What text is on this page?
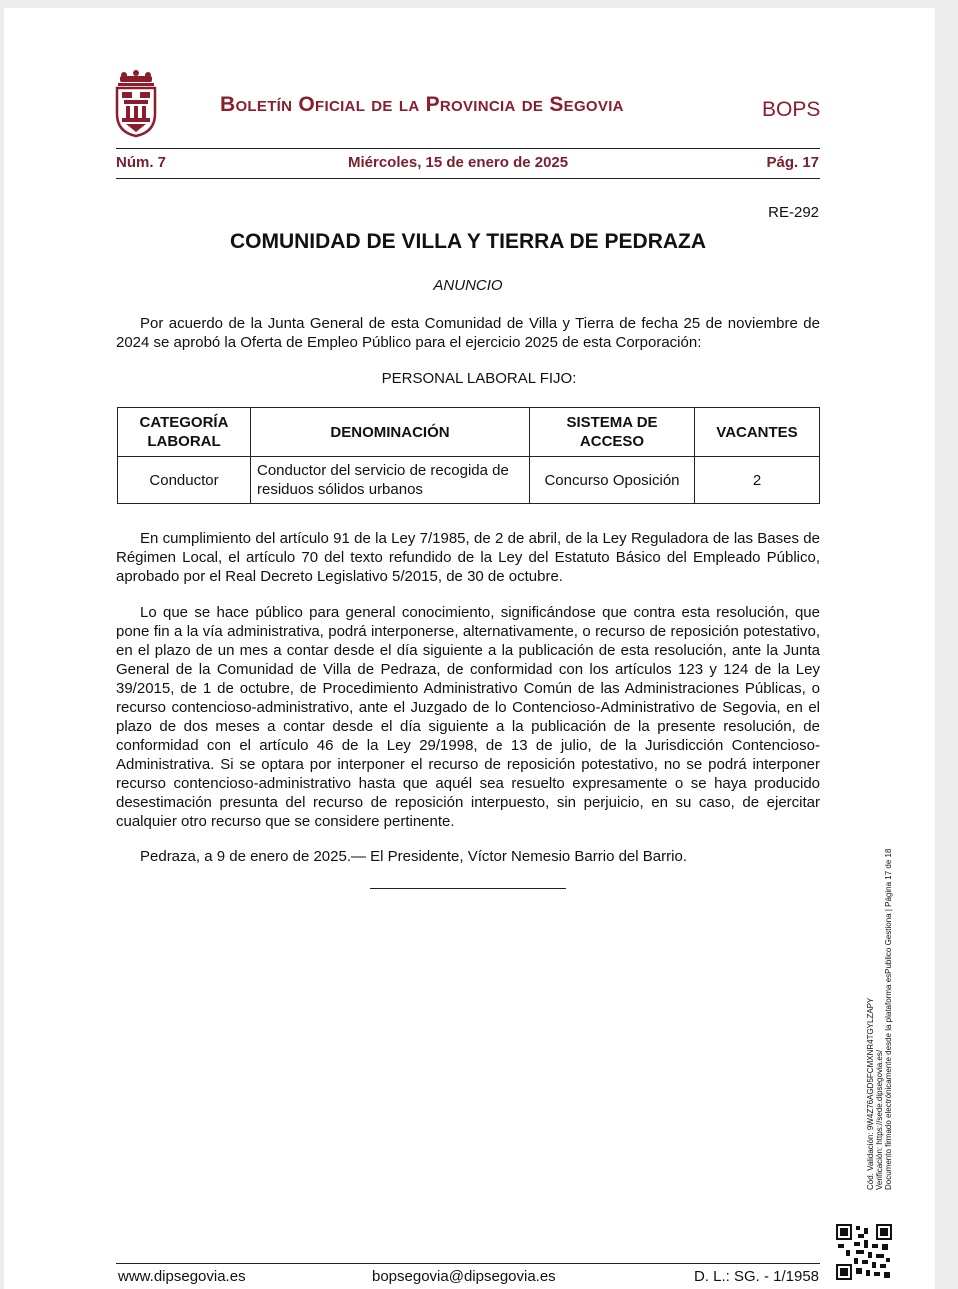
Boletín Oficial de la Provincia de Segovia	BOPS
Núm. 7	Miércoles, 15 de enero de 2025	Pág. 17
RE-292
COMUNIDAD DE VILLA Y TIERRA DE PEDRAZA
ANUNCIO
Por acuerdo de la Junta General de esta Comunidad de Villa y Tierra de fecha 25 de noviembre de 2024 se aprobó la Oferta de Empleo Público para el ejercicio 2025 de esta Corporación:
PERSONAL LABORAL FIJO:
CATEGORÍA LABORAL	DENOMINACIÓN	SISTEMA DE ACCESO	VACANTES
Conductor	Conductor del servicio de recogida de residuos sólidos urbanos	Concurso Oposición	2
En cumplimiento del artículo 91 de la Ley 7/1985, de 2 de abril, de la Ley Reguladora de las Bases de Régimen Local, el artículo 70 del texto refundido de la Ley del Estatuto Básico del Empleado Público, aprobado por el Real Decreto Legislativo 5/2015, de 30 de octubre.
Lo que se hace público para general conocimiento, significándose que contra esta resolución, que pone fin a la vía administrativa, podrá interponerse, alternativamente, o recurso de reposición potestativo, en el plazo de un mes a contar desde el día siguiente a la publicación de esta resolución, ante la Junta General de la Comunidad de Villa de Pedraza, de conformidad con los artículos 123 y 124 de la Ley 39/2015, de 1 de octubre, de Procedimiento Administrativo Común de las Administraciones Públicas, o recurso contencioso-administrativo, ante el Juzgado de lo Contencioso-Administrativo de Segovia, en el plazo de dos meses a contar desde el día siguiente a la publicación de la presente resolución, de conformidad con el artículo 46 de la Ley 29/1998, de 13 de julio, de la Jurisdicción Contencioso-Administrativa. Si se optara por interponer el recurso de reposición potestativo, no se podrá interponer recurso contencioso-administrativo hasta que aquél sea resuelto expresamente o se haya producido desestimación presunta del recurso de reposición interpuesto, sin perjuicio, en su caso, de ejercitar cualquier otro recurso que se considere pertinente.
Pedraza, a 9 de enero de 2025.— El Presidente, Víctor Nemesio Barrio del Barrio.
Cód. Validación: 9W4Z76AGD5FCMXNR4TGYLZAPY Verificación: https://sede.dipsegovia.es/ Documento firmado electrónicamente desde la plataforma esPublico Gestiona | Página 17 de 18
www.dipsegovia.es	bopsegovia@dipsegovia.es	D. L.: SG. - 1/1958
